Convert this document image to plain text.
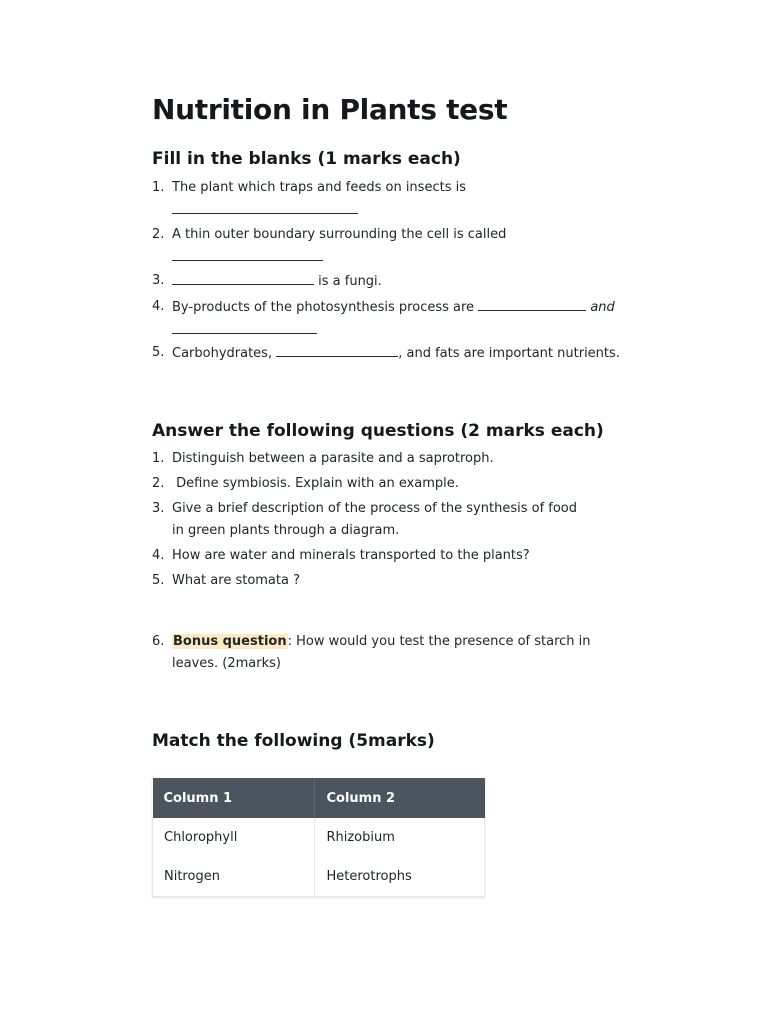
Nutrition in Plants test
Fill in the blanks (1 marks each)
1. The plant which traps and feeds on insects is
2. A thin outer boundary surrounding the cell is called
3.	is a fungi.
4. By-products of the photosynthesis process are	and
5. Carbohydrates,	, and fats are important nutrients.
Answer the following questions (2 marks each)
1. Distinguish between a parasite and a saprotroph.
2. Define symbiosis. Explain with an example.
3. Give a brief description of the process of the synthesis of food in green plants through a diagram.
4. How are water and minerals transported to the plants?
5. What are stomata ?
6. Bonus question: How would you test the presence of starch in leaves. (2marks)
Match the following (5marks)
Column 1	Column 2
Chlorophyll	Rhizobium
Nitrogen	Heterotrophs
